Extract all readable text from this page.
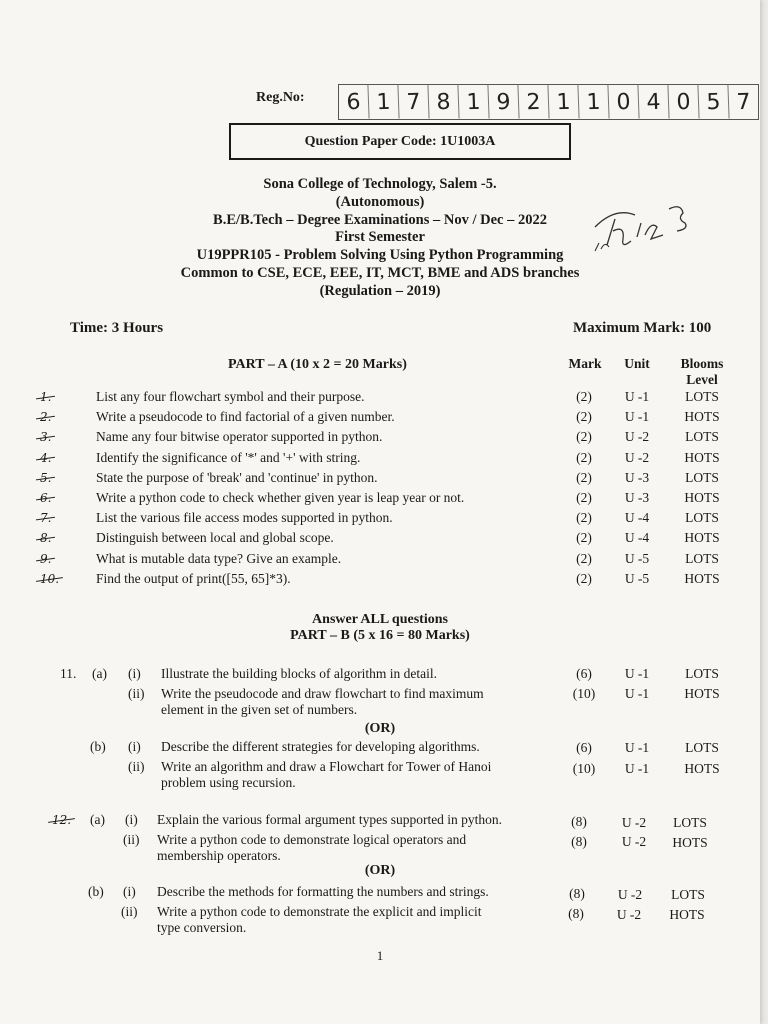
Reg.No:	6 1 7 8 1 9 2 1 1 0 4 0 5 7
Question Paper Code: 1U1003A
Sona College of Technology, Salem -5.
(Autonomous)
B.E/B.Tech – Degree Examinations – Nov / Dec – 2022
First Semester
U19PPR105 - Problem Solving Using Python Programming
Common to CSE, ECE, EEE, IT, MCT, BME and ADS branches
(Regulation – 2019)
Time: 3 Hours	Maximum Mark: 100
PART – A (10 x 2 = 20 Marks)	Mark	Unit	Blooms
Level
1.	List any four flowchart symbol and their purpose.	(2)	U -1	LOTS
2.	Write a pseudocode to find factorial of a given number.	(2)	U -1	HOTS
3.	Name any four bitwise operator supported in python.	(2)	U -2	LOTS
4.	Identify the significance of '*' and '+' with string.	(2)	U -2	HOTS
5.	State the purpose of 'break' and 'continue' in python.	(2)	U -3	LOTS
6.	Write a python code to check whether given year is leap year or not.	(2)	U -3	HOTS
7.	List the various file access modes supported in python.	(2)	U -4	LOTS
8.	Distinguish between local and global scope.	(2)	U -4	HOTS
9.	What is mutable data type? Give an example.	(2)	U -5	LOTS
10.	Find the output of print([55, 65]*3).	(2)	U -5	HOTS
Answer ALL questions
PART – B (5 x 16 = 80 Marks)
11. (a) (i) Illustrate the building blocks of algorithm in detail.	(6)	U -1	LOTS
(ii) Write the pseudocode and draw flowchart to find maximum
element in the given set of numbers.
(10)	U -1	HOTS
(OR)
(b) (i) Describe the different strategies for developing algorithms.	(6)	U -1	LOTS
(ii) Write an algorithm and draw a Flowchart for Tower of Hanoi
problem using recursion.
(10)	U -1	HOTS
12. (a) (i) Explain the various formal argument types supported in python.	(8)	U -2	LOTS
(ii) Write a python code to demonstrate logical operators and
membership operators.
(8)	U -2	HOTS
(OR)
(b) (i) Describe the methods for formatting the numbers and strings.	(8)	U -2	LOTS
(ii) Write a python code to demonstrate the explicit and implicit
type conversion.
(8)	U -2	HOTS
1
